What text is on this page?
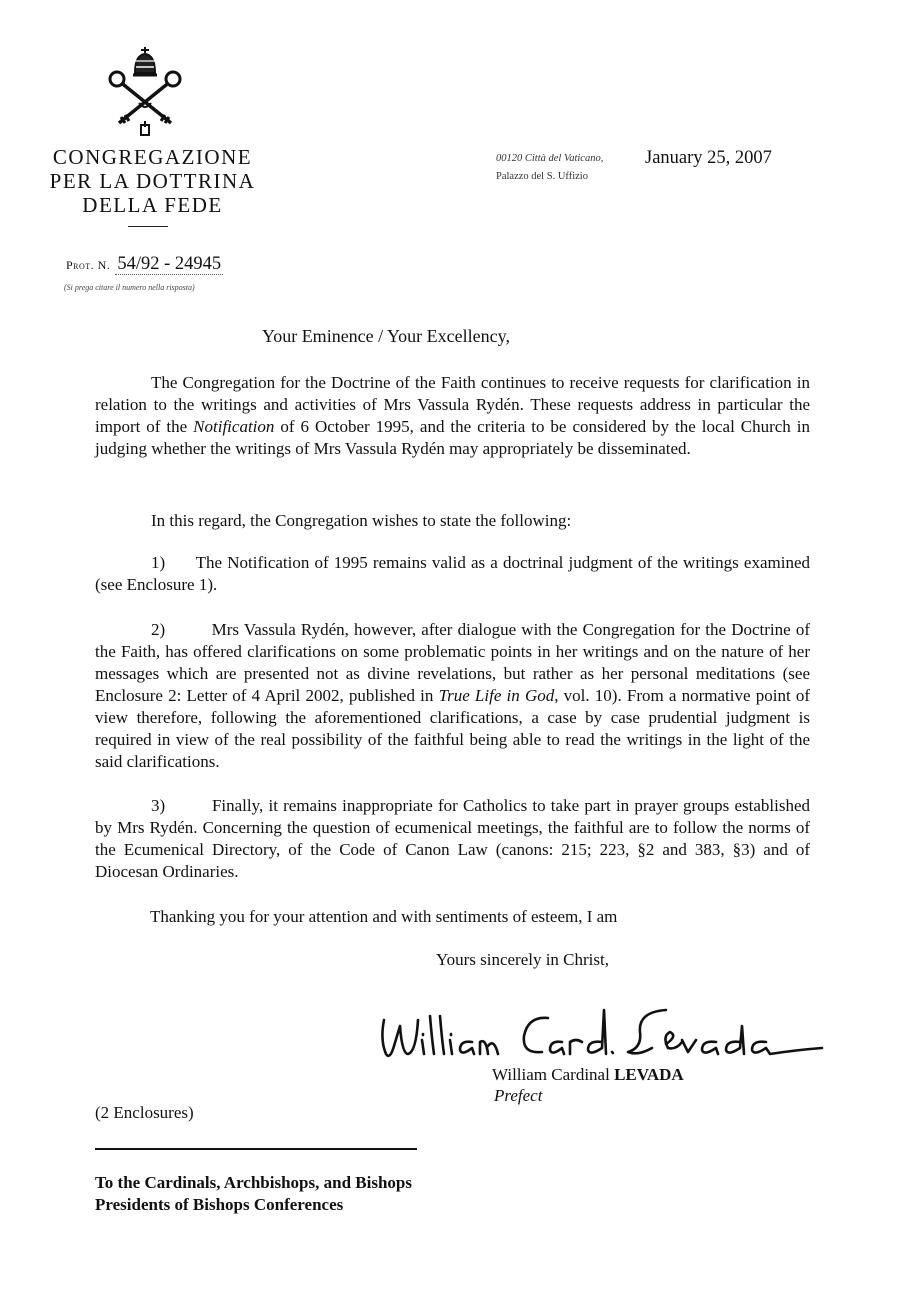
CONGREGAZIONE
PER LA DOTTRINA
DELLA FEDE
00120 Città del Vaticano,
Palazzo del S. Uffizio
January 25, 2007
Prot. N. 54/92 - 24945
(Si prega citare il numero nella risposta)
Your Eminence / Your Excellency,
The Congregation for the Doctrine of the Faith continues to receive requests for clarification in relation to the writings and activities of Mrs Vassula Rydén. These requests address in particular the import of the Notification of 6 October 1995, and the criteria to be considered by the local Church in judging whether the writings of Mrs Vassula Rydén may appropriately be disseminated.
In this regard, the Congregation wishes to state the following:
1) The Notification of 1995 remains valid as a doctrinal judgment of the writings examined (see Enclosure 1).
2)	Mrs Vassula Rydén, however, after dialogue with the Congregation for the Doctrine of the Faith, has offered clarifications on some problematic points in her writings and on the nature of her messages which are presented not as divine revelations, but rather as her personal meditations (see Enclosure 2: Letter of 4 April 2002, published in True Life in God, vol. 10). From a normative point of view therefore, following the aforementioned clarifications, a case by case prudential judgment is required in view of the real possibility of the faithful being able to read the writings in the light of the said clarifications.
3)	Finally, it remains inappropriate for Catholics to take part in prayer groups established by Mrs Rydén. Concerning the question of ecumenical meetings, the faithful are to follow the norms of the Ecumenical Directory, of the Code of Canon Law (canons: 215; 223, §2 and 383, §3) and of Diocesan Ordinaries.
Thanking you for your attention and with sentiments of esteem, I am
Yours sincerely in Christ,
William Cardinal LEVADA
Prefect
(2 Enclosures)
To the Cardinals, Archbishops, and Bishops
Presidents of Bishops Conferences
